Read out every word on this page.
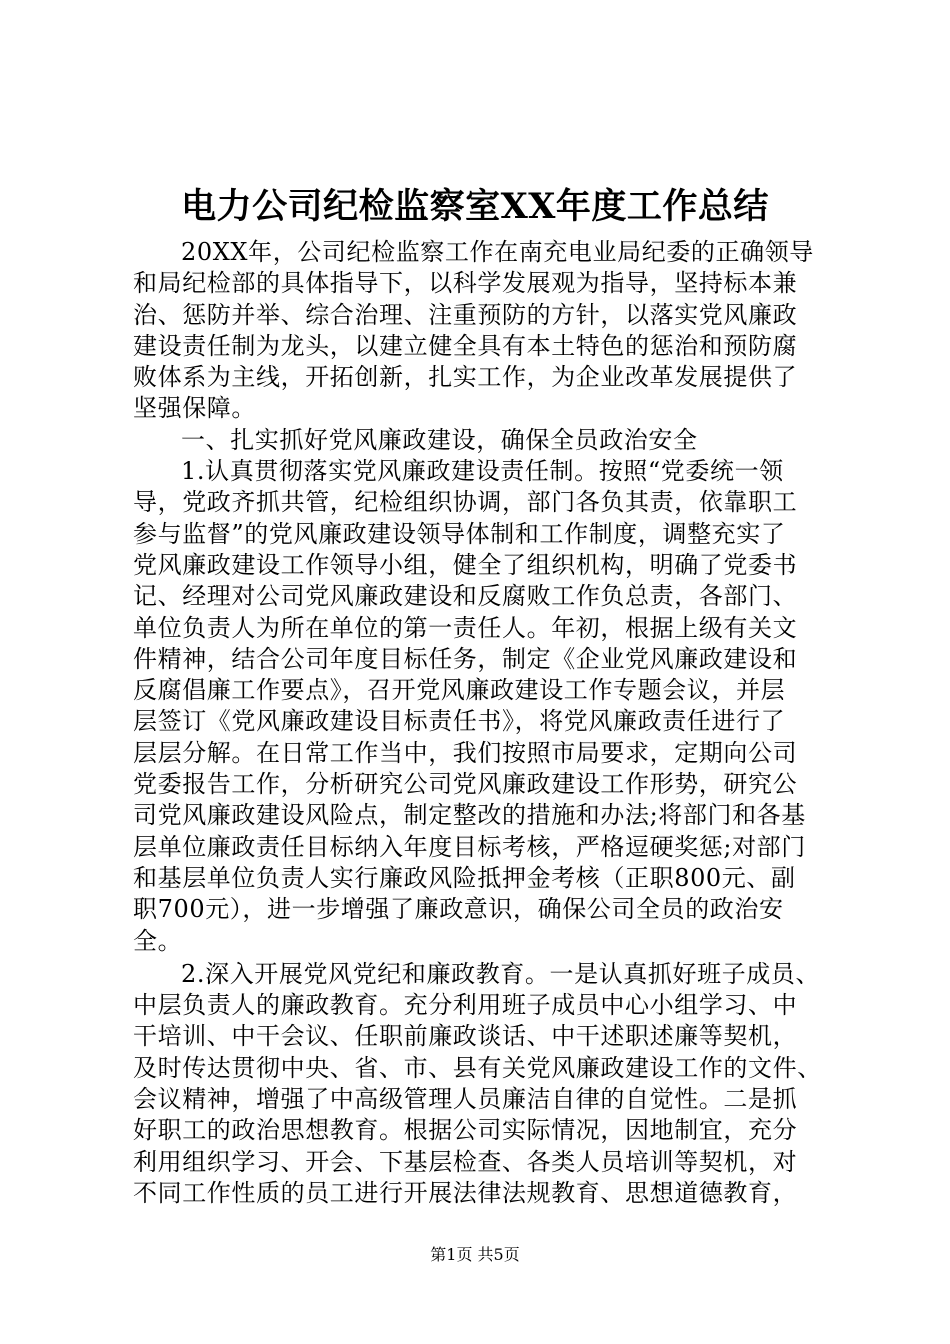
电力公司纪检监察室XX年度工作总结
20XX年，公司纪检监察工作在南充电业局纪委的正确领导
和局纪检部的具体指导下，以科学发展观为指导，坚持标本兼
治、惩防并举、综合治理、注重预防的方针，以落实党风廉政
建设责任制为龙头，以建立健全具有本土特色的惩治和预防腐
败体系为主线，开拓创新，扎实工作，为企业改革发展提供了
坚强保障。
一、扎实抓好党风廉政建设，确保全员政治安全
1.认真贯彻落实党风廉政建设责任制。按照“党委统一领
导，党政齐抓共管，纪检组织协调，部门各负其责，依靠职工
参与监督”的党风廉政建设领导体制和工作制度，调整充实了
党风廉政建设工作领导小组，健全了组织机构，明确了党委书
记、经理对公司党风廉政建设和反腐败工作负总责，各部门、
单位负责人为所在单位的第一责任人。年初，根据上级有关文
件精神，结合公司年度目标任务，制定《企业党风廉政建设和
反腐倡廉工作要点》，召开党风廉政建设工作专题会议，并层
层签订《党风廉政建设目标责任书》，将党风廉政责任进行了
层层分解。在日常工作当中，我们按照市局要求，定期向公司
党委报告工作，分析研究公司党风廉政建设工作形势，研究公
司党风廉政建设风险点，制定整改的措施和办法;将部门和各基
层单位廉政责任目标纳入年度目标考核，严格逗硬奖惩;对部门
和基层单位负责人实行廉政风险抵押金考核（正职800元、副
职700元），进一步增强了廉政意识，确保公司全员的政治安
全。
2.深入开展党风党纪和廉政教育。一是认真抓好班子成员、
中层负责人的廉政教育。充分利用班子成员中心小组学习、中
干培训、中干会议、任职前廉政谈话、中干述职述廉等契机，
及时传达贯彻中央、省、市、县有关党风廉政建设工作的文件、
会议精神，增强了中高级管理人员廉洁自律的自觉性。二是抓
好职工的政治思想教育。根据公司实际情况，因地制宜，充分
利用组织学习、开会、下基层检查、各类人员培训等契机，对
不同工作性质的员工进行开展法律法规教育、思想道德教育，
第1页 共5页
